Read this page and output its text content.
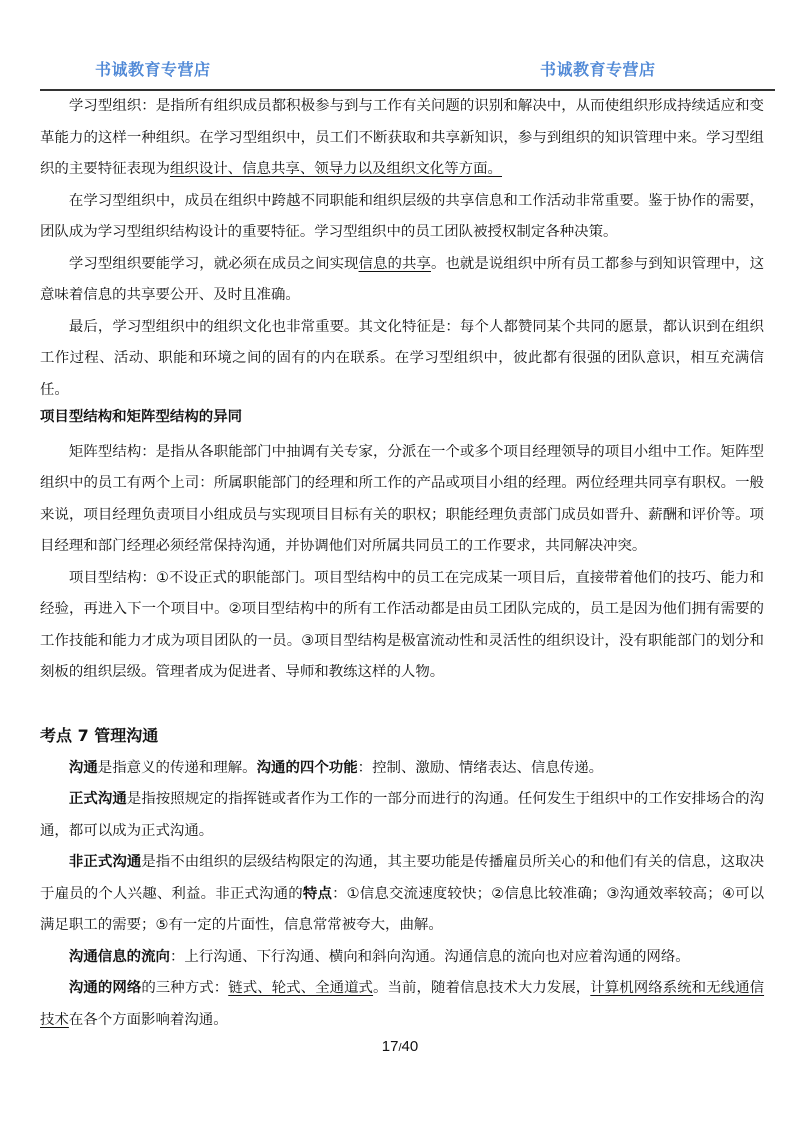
书诚教育专营店	书诚教育专营店

学习型组织：是指所有组织成员都积极参与到与工作有关问题的识别和解决中，从而使组织形成持续适应和变革能力的这样一种组织。在学习型组织中，员工们不断获取和共享新知识，参与到组织的知识管理中来。学习型组织的主要特征表现为组织设计、信息共享、领导力以及组织文化等方面。

在学习型组织中，成员在组织中跨越不同职能和组织层级的共享信息和工作活动非常重要。鉴于协作的需要，团队成为学习型组织结构设计的重要特征。学习型组织中的员工团队被授权制定各种决策。

学习型组织要能学习，就必须在成员之间实现信息的共享。也就是说组织中所有员工都参与到知识管理中，这意味着信息的共享要公开、及时且准确。

最后，学习型组织中的组织文化也非常重要。其文化特征是：每个人都赞同某个共同的愿景，都认识到在组织工作过程、活动、职能和环境之间的固有的内在联系。在学习型组织中，彼此都有很强的团队意识，相互充满信任。

项目型结构和矩阵型结构的异同

矩阵型结构：是指从各职能部门中抽调有关专家，分派在一个或多个项目经理领导的项目小组中工作。矩阵型组织中的员工有两个上司：所属职能部门的经理和所工作的产品或项目小组的经理。两位经理共同享有职权。一般来说，项目经理负责项目小组成员与实现项目目标有关的职权；职能经理负责部门成员如晋升、薪酬和评价等。项目经理和部门经理必须经常保持沟通，并协调他们对所属共同员工的工作要求，共同解决冲突。

项目型结构：①不设正式的职能部门。项目型结构中的员工在完成某一项目后，直接带着他们的技巧、能力和经验，再进入下一个项目中。②项目型结构中的所有工作活动都是由员工团队完成的，员工是因为他们拥有需要的工作技能和能力才成为项目团队的一员。③项目型结构是极富流动性和灵活性的组织设计，没有职能部门的划分和刻板的组织层级。管理者成为促进者、导师和教练这样的人物。

考点 7 管理沟通

沟通是指意义的传递和理解。沟通的四个功能：控制、激励、情绪表达、信息传递。

正式沟通是指按照规定的指挥链或者作为工作的一部分而进行的沟通。任何发生于组织中的工作安排场合的沟通，都可以成为正式沟通。

非正式沟通是指不由组织的层级结构限定的沟通，其主要功能是传播雇员所关心的和他们有关的信息，这取决于雇员的个人兴趣、利益。非正式沟通的特点：①信息交流速度较快；②信息比较准确；③沟通效率较高；④可以满足职工的需要；⑤有一定的片面性，信息常常被夸大，曲解。

沟通信息的流向：上行沟通、下行沟通、横向和斜向沟通。沟通信息的流向也对应着沟通的网络。

沟通的网络的三种方式：链式、轮式、全通道式。当前，随着信息技术大力发展，计算机网络系统和无线通信技术在各个方面影响着沟通。

17/40
